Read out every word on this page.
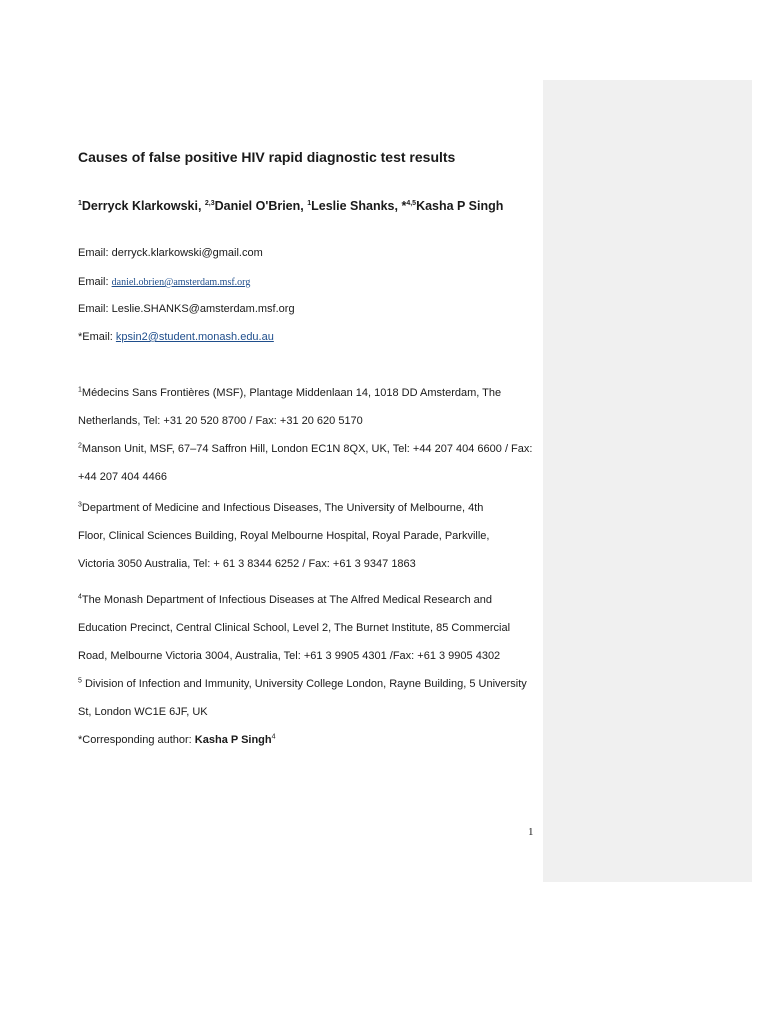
Causes of false positive HIV rapid diagnostic test results
$^1$Derryck Klarkowski, $^{2,3}$Daniel O'Brien, $^1$Leslie Shanks, *$^{4,5}$Kasha P Singh
Email: derryck.klarkowski@gmail.com
Email: daniel.obrien@amsterdam.msf.org
Email: Leslie.SHANKS@amsterdam.msf.org
*Email: kpsin2@student.monash.edu.au
$^1$Médecins Sans Frontières (MSF), Plantage Middenlaan 14, 1018 DD Amsterdam, The
Netherlands, Tel: +31 20 520 8700 / Fax: +31 20 620 5170
$^2$Manson Unit, MSF, 67–74 Saffron Hill, London EC1N 8QX, UK, Tel: +44 207 404 6600 / Fax:
+44 207 404 4466
$^3$Department of Medicine and Infectious Diseases, The University of Melbourne, 4th
Floor, Clinical Sciences Building, Royal Melbourne Hospital, Royal Parade, Parkville,
Victoria 3050 Australia, Tel: + 61 3 8344 6252 / Fax: +61 3 9347 1863
$^4$The Monash Department of Infectious Diseases at The Alfred Medical Research and
Education Precinct, Central Clinical School, Level 2, The Burnet Institute, 85 Commercial
Road, Melbourne Victoria 3004, Australia, Tel: +61 3 9905 4301 /Fax: +61 3 9905 4302
$^5$ Division of Infection and Immunity, University College London, Rayne Building, 5 University
St, London WC1E 6JF, UK
*Corresponding author: Kasha P Singh$^4$
1
